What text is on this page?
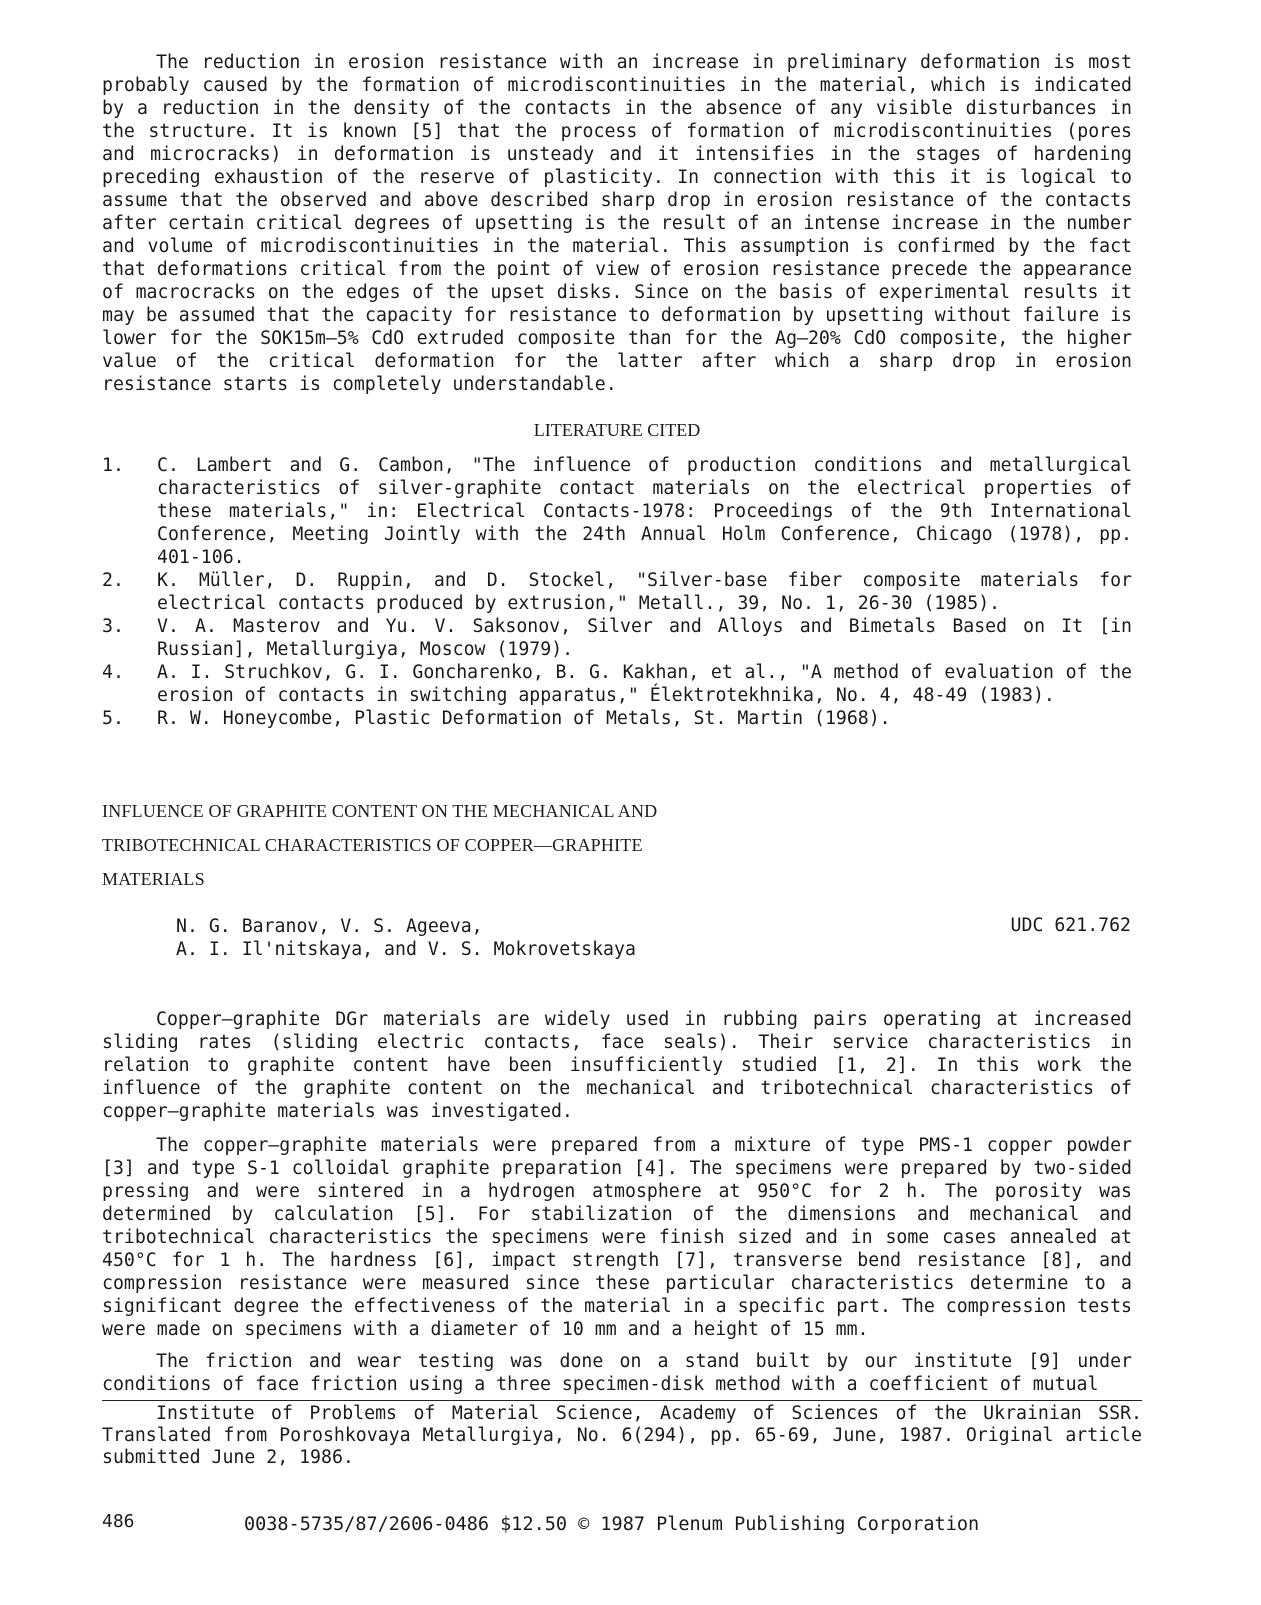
The reduction in erosion resistance with an increase in preliminary deformation is most probably caused by the formation of microdiscontinuities in the material, which is indicated by a reduction in the density of the contacts in the absence of any visible disturbances in the structure. It is known [5] that the process of formation of microdiscontinuities (pores and microcracks) in deformation is unsteady and it intensifies in the stages of hardening preceding exhaustion of the reserve of plasticity. In connection with this it is logical to assume that the observed and above described sharp drop in erosion resistance of the contacts after certain critical degrees of upsetting is the result of an intense increase in the number and volume of microdiscontinuities in the material. This assumption is confirmed by the fact that deformations critical from the point of view of erosion resistance precede the appearance of macrocracks on the edges of the upset disks. Since on the basis of experimental results it may be assumed that the capacity for resistance to deformation by upsetting without failure is lower for the SOK15m—5% CdO extruded composite than for the Ag—20% CdO composite, the higher value of the critical deformation for the latter after which a sharp drop in erosion resistance starts is completely understandable.
LITERATURE CITED
1. C. Lambert and G. Cambon, "The influence of production conditions and metallurgical characteristics of silver-graphite contact materials on the electrical properties of these materials," in: Electrical Contacts-1978: Proceedings of the 9th International Conference, Meeting Jointly with the 24th Annual Holm Conference, Chicago (1978), pp. 401-106.
2. K. Müller, D. Ruppin, and D. Stockel, "Silver-base fiber composite materials for electrical contacts produced by extrusion," Metall., 39, No. 1, 26-30 (1985).
3. V. A. Masterov and Yu. V. Saksonov, Silver and Alloys and Bimetals Based on It [in Russian], Metallurgiya, Moscow (1979).
4. A. I. Struchkov, G. I. Goncharenko, B. G. Kakhan, et al., "A method of evaluation of the erosion of contacts in switching apparatus," Élektrotekhnika, No. 4, 48-49 (1983).
5. R. W. Honeycombe, Plastic Deformation of Metals, St. Martin (1968).
INFLUENCE OF GRAPHITE CONTENT ON THE MECHANICAL AND
TRIBOTECHNICAL CHARACTERISTICS OF COPPER—GRAPHITE
MATERIALS
N. G. Baranov, V. S. Ageeva,
A. I. Il'nitskaya, and V. S. Mokrovetskaya
UDC 621.762
Copper—graphite DGr materials are widely used in rubbing pairs operating at increased sliding rates (sliding electric contacts, face seals). Their service characteristics in relation to graphite content have been insufficiently studied [1, 2]. In this work the influence of the graphite content on the mechanical and tribotechnical characteristics of copper—graphite materials was investigated.
The copper—graphite materials were prepared from a mixture of type PMS-1 copper powder [3] and type S-1 colloidal graphite preparation [4]. The specimens were prepared by two-sided pressing and were sintered in a hydrogen atmosphere at 950°C for 2 h. The porosity was determined by calculation [5]. For stabilization of the dimensions and mechanical and tribotechnical characteristics the specimens were finish sized and in some cases annealed at 450°C for 1 h. The hardness [6], impact strength [7], transverse bend resistance [8], and compression resistance were measured since these particular characteristics determine to a significant degree the effectiveness of the material in a specific part. The compression tests were made on specimens with a diameter of 10 mm and a height of 15 mm.
The friction and wear testing was done on a stand built by our institute [9] under conditions of face friction using a three specimen-disk method with a coefficient of mutual
Institute of Problems of Material Science, Academy of Sciences of the Ukrainian SSR. Translated from Poroshkovaya Metallurgiya, No. 6(294), pp. 65-69, June, 1987. Original article submitted June 2, 1986.
486	0038-5735/87/2606-0486 $12.50 © 1987 Plenum Publishing Corporation
